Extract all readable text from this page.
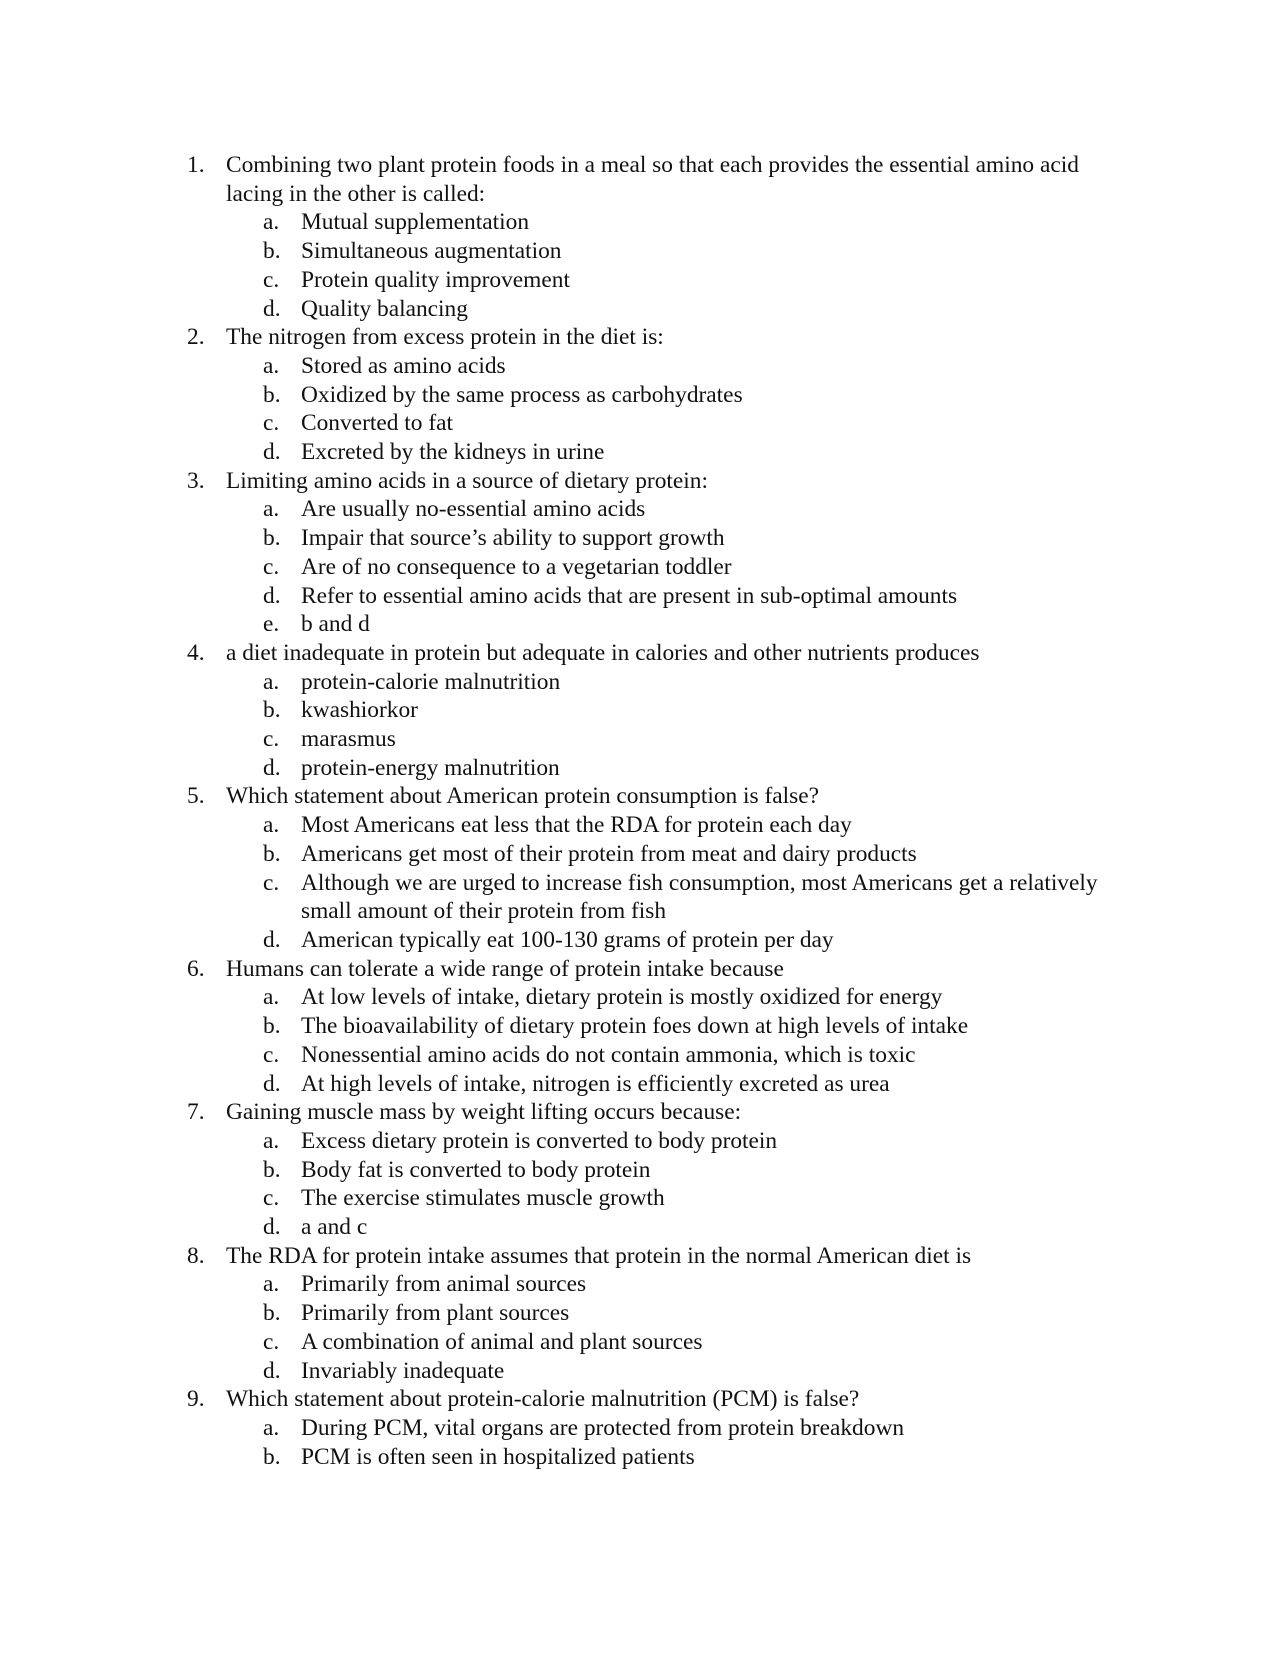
1. Combining two plant protein foods in a meal so that each provides the essential amino acid lacing in the other is called:
a. Mutual supplementation
b. Simultaneous augmentation
c. Protein quality improvement
d. Quality balancing
2. The nitrogen from excess protein in the diet is:
a. Stored as amino acids
b. Oxidized by the same process as carbohydrates
c. Converted to fat
d. Excreted by the kidneys in urine
3. Limiting amino acids in a source of dietary protein:
a. Are usually no-essential amino acids
b. Impair that source’s ability to support growth
c. Are of no consequence to a vegetarian toddler
d. Refer to essential amino acids that are present in sub-optimal amounts
e. b and d
4. a diet inadequate in protein but adequate in calories and other nutrients produces
a. protein-calorie malnutrition
b. kwashiorkor
c. marasmus
d. protein-energy malnutrition
5. Which statement about American protein consumption is false?
a. Most Americans eat less that the RDA for protein each day
b. Americans get most of their protein from meat and dairy products
c. Although we are urged to increase fish consumption, most Americans get a relatively small amount of their protein from fish
d. American typically eat 100-130 grams of protein per day
6. Humans can tolerate a wide range of protein intake because
a. At low levels of intake, dietary protein is mostly oxidized for energy
b. The bioavailability of dietary protein foes down at high levels of intake
c. Nonessential amino acids do not contain ammonia, which is toxic
d. At high levels of intake, nitrogen is efficiently excreted as urea
7. Gaining muscle mass by weight lifting occurs because:
a. Excess dietary protein is converted to body protein
b. Body fat is converted to body protein
c. The exercise stimulates muscle growth
d. a and c
8. The RDA for protein intake assumes that protein in the normal American diet is
a. Primarily from animal sources
b. Primarily from plant sources
c. A combination of animal and plant sources
d. Invariably inadequate
9. Which statement about protein-calorie malnutrition (PCM) is false?
a. During PCM, vital organs are protected from protein breakdown
b. PCM is often seen in hospitalized patients
